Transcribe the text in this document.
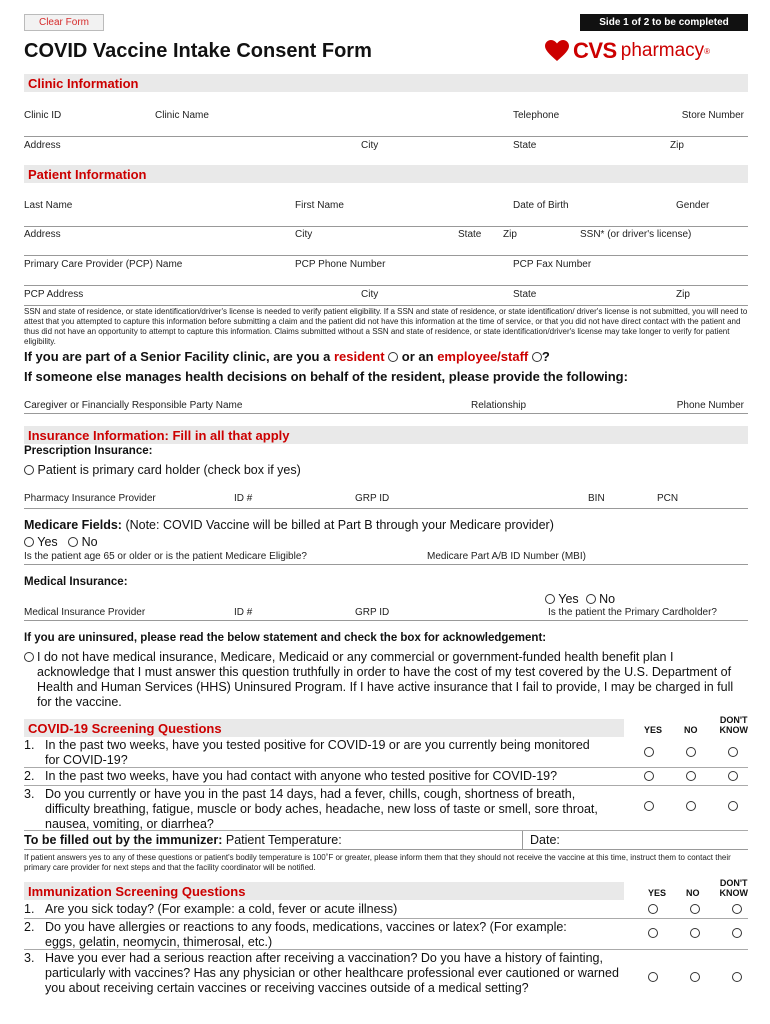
Clear Form	Side 1 of 2 to be completed
COVID Vaccine Intake Consent Form	CVS pharmacy ®
Clinic Information
Clinic ID	Clinic Name	Telephone	Store Number
Address	City	State	Zip
Patient Information
Last Name	First Name	Date of Birth	Gender
Address	City	State Zip	SSN* (or driver's license)
Primary Care Provider (PCP) Name	PCP Phone Number	PCP Fax Number
PCP Address	City	State	Zip
SSN and state of residence, or state identification/driver's license is needed to verify patient eligibility. If a SSN and state of residence, or state identification/ driver's license is not submitted, you will need to attest that you attempted to capture this information before submitting a claim and the patient did not have this information at the time of service, or that you did not have direct contact with the patient and thus did not have an opportunity to attempt to capture this information. Claims submitted without a SSN and state of residence, or state identification/driver's license may take longer to verify for patient eligibility.
If you are part of a Senior Facility clinic, are you a resident or an employee/staff ?
If someone else manages health decisions on behalf of the resident, please provide the following:
Caregiver or Financially Responsible Party Name	Relationship	Phone Number
Insurance Information: Fill in all that apply
Prescription Insurance:
Patient is primary card holder (check box if yes)
Pharmacy Insurance Provider	ID #	GRP ID	BIN	PCN
Medicare Fields: (Note: COVID Vaccine will be billed at Part B through your Medicare provider)
Yes No
Is the patient age 65 or older or is the patient Medicare Eligible?	Medicare Part A/B ID Number (MBI)
Medical Insurance:
Yes No
Medical Insurance Provider	ID #	GRP ID	Is the patient the Primary Cardholder?
If you are uninsured, please read the below statement and check the box for acknowledgement:
I do not have medical insurance, Medicare, Medicaid or any commercial or government-funded health benefit plan I acknowledge that I must answer this question truthfully in order to have the cost of my test covered by the U.S. Department of Health and Human Services (HHS) Uninsured Program. If I have active insurance that I fail to provide, I may be charged in full for the vaccine.
COVID-19 Screening Questions	YES NO
DON'T
KNOW
1. In the past two weeks, have you tested positive for COVID-19 or are you currently being monitored for COVID-19?
2. In the past two weeks, have you had contact with anyone who tested positive for COVID-19?
3. Do you currently or have you in the past 14 days, had a fever, chills, cough, shortness of breath, difficulty breathing, fatigue, muscle or body aches, headache, new loss of taste or smell, sore throat, nausea, vomiting, or diarrhea?
To be filled out by the immunizer: Patient Temperature:	Date:
If patient answers yes to any of these questions or patient's bodily temperature is 100˚F or greater, please inform them that they should not receive the vaccine at this time, instruct them to contact their primary care provider for next steps and that the facility coordinator will be notified.
Immunization Screening Questions	YES NO
DON'T
KNOW
1. Are you sick today? (For example: a cold, fever or acute illness)
2. Do you have allergies or reactions to any foods, medications, vaccines or latex? (For example: eggs, gelatin, neomycin, thimerosal, etc.)
3. Have you ever had a serious reaction after receiving a vaccination? Do you have a history of fainting, particularly with vaccines? Has any physician or other healthcare professional ever cautioned or warned you about receiving certain vaccines or receiving vaccines outside of a medical setting?
